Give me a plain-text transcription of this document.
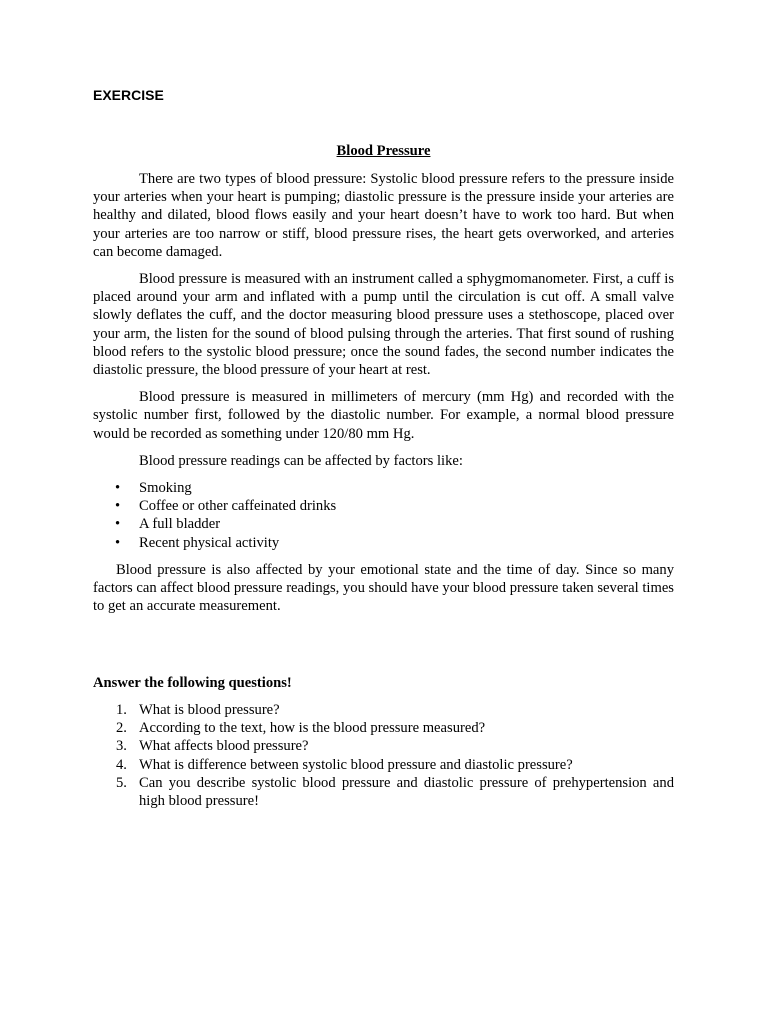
EXERCISE
Blood Pressure

There are two types of blood pressure: Systolic blood pressure refers to the pressure inside your arteries when your heart is pumping; diastolic pressure is the pressure inside your arteries are healthy and dilated, blood flows easily and your heart doesn’t have to work too hard. But when your arteries are too narrow or stiff, blood pressure rises, the heart gets overworked, and arteries can become damaged.

Blood pressure is measured with an instrument called a sphygmomanometer. First, a cuff is placed around your arm and inflated with a pump until the circulation is cut off. A small valve slowly deflates the cuff, and the doctor measuring blood pressure uses a stethoscope, placed over your arm, the listen for the sound of blood pulsing through the arteries. That first sound of rushing blood refers to the systolic blood pressure; once the sound fades, the second number indicates the diastolic pressure, the blood pressure of your heart at rest.

Blood pressure is measured in millimeters of mercury (mm Hg) and recorded with the systolic number first, followed by the diastolic number. For example, a normal blood pressure would be recorded as something under 120/80 mm Hg.

Blood pressure readings can be affected by factors like:

• Smoking
• Coffee or other caffeinated drinks
• A full bladder
• Recent physical activity

Blood pressure is also affected by your emotional state and the time of day. Since so many factors can affect blood pressure readings, you should have your blood pressure taken several times to get an accurate measurement.

Answer the following questions!
1. What is blood pressure?
2. According to the text, how is the blood pressure measured?
3. What affects blood pressure?
4. What is difference between systolic blood pressure and diastolic pressure?
5. Can you describe systolic blood pressure and diastolic pressure of prehypertension and high blood pressure!
